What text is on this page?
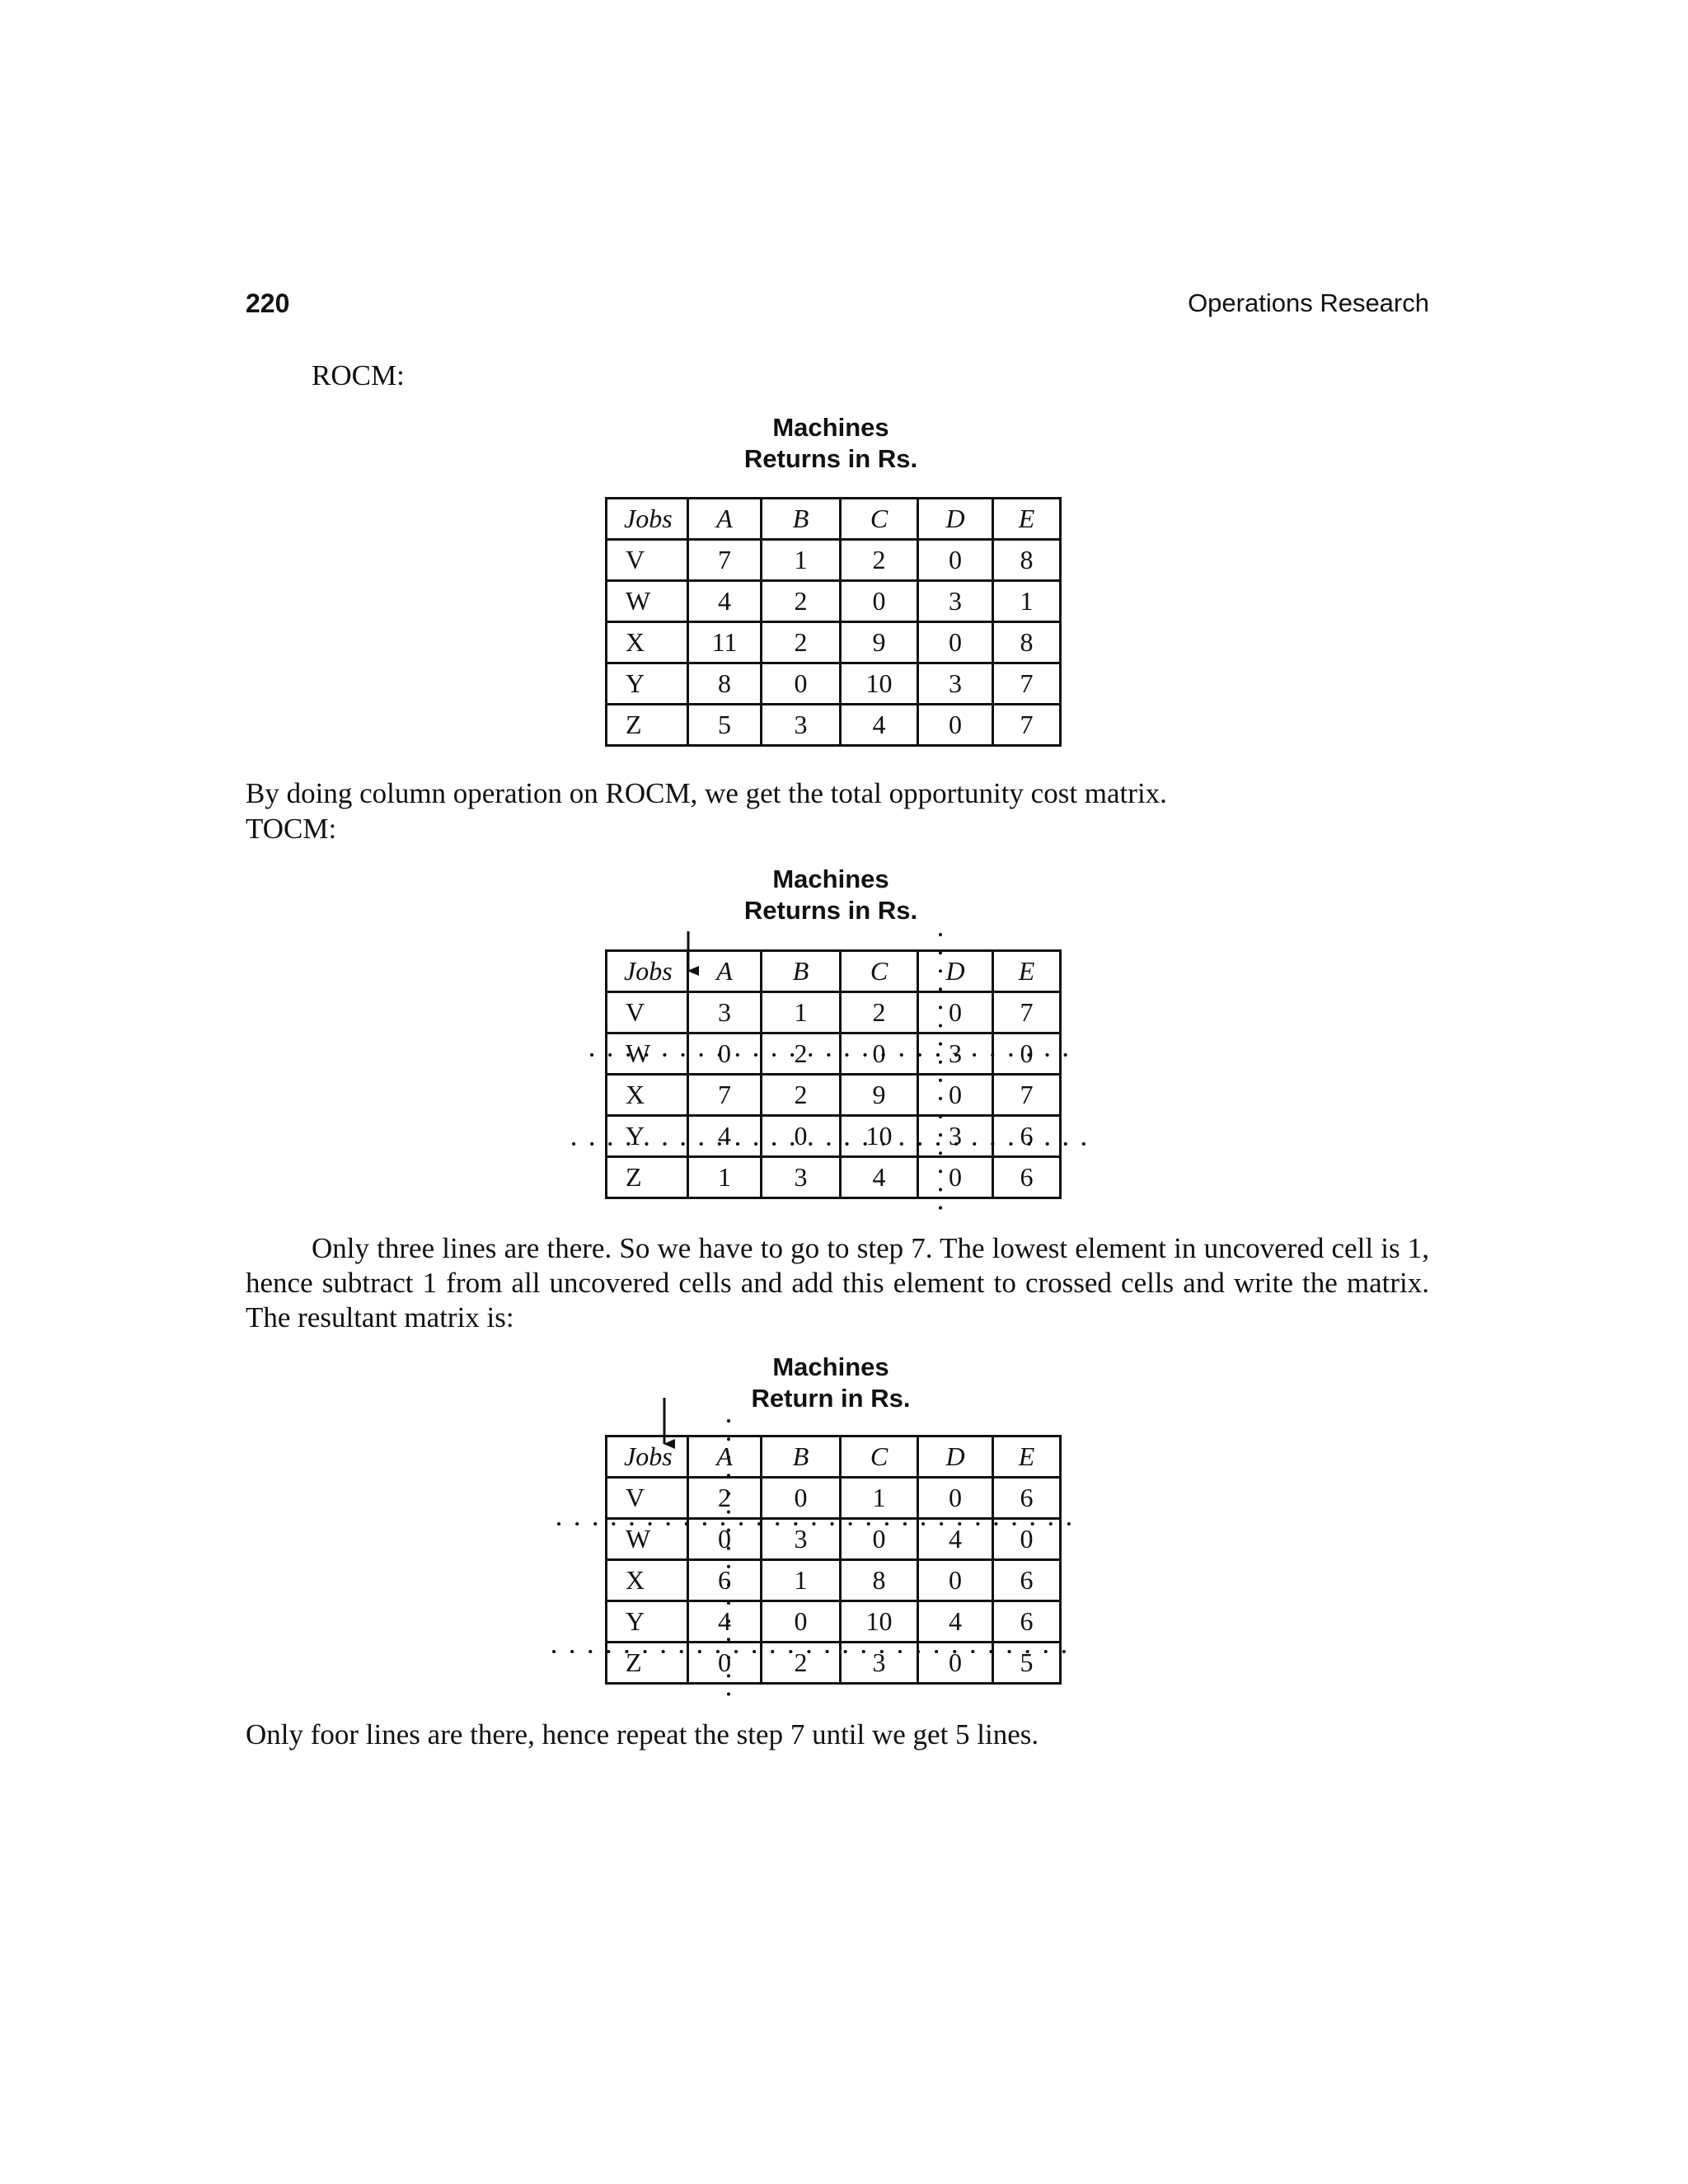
220	Operations Research
ROCM:
Machines
Returns in Rs.
Jobs	A	B	C	D	E
V	7	1	2	0	8
W	4	2	0	3	1
X	11	2	9	0	8
Y	8	0	10	3	7
Z	5	3	4	0	7
By doing column operation on ROCM, we get the total opportunity cost matrix.
TOCM:
Machines
Returns in Rs.
Jobs	A	B	C	D	E
V	3	1	2	0	7
W	0	2	0	3	0
X	7	2	9	0	7
Y	4	0	10	3	6
Z	1	3	4	0	6
Only three lines are there. So we have to go to step 7. The lowest element in uncovered cell is 1, hence subtract 1 from all uncovered cells and add this element to crossed cells and write the matrix. The resultant matrix is:
Machines
Return in Rs.
Jobs	A	B	C	D	E
V	2	0	1	0	6
W	0	3	0	4	0
X	6	1	8	0	6
Y	4	0	10	4	6
Z	0	2	3	0	5
Only foor lines are there, hence repeat the step 7 until we get 5 lines.
